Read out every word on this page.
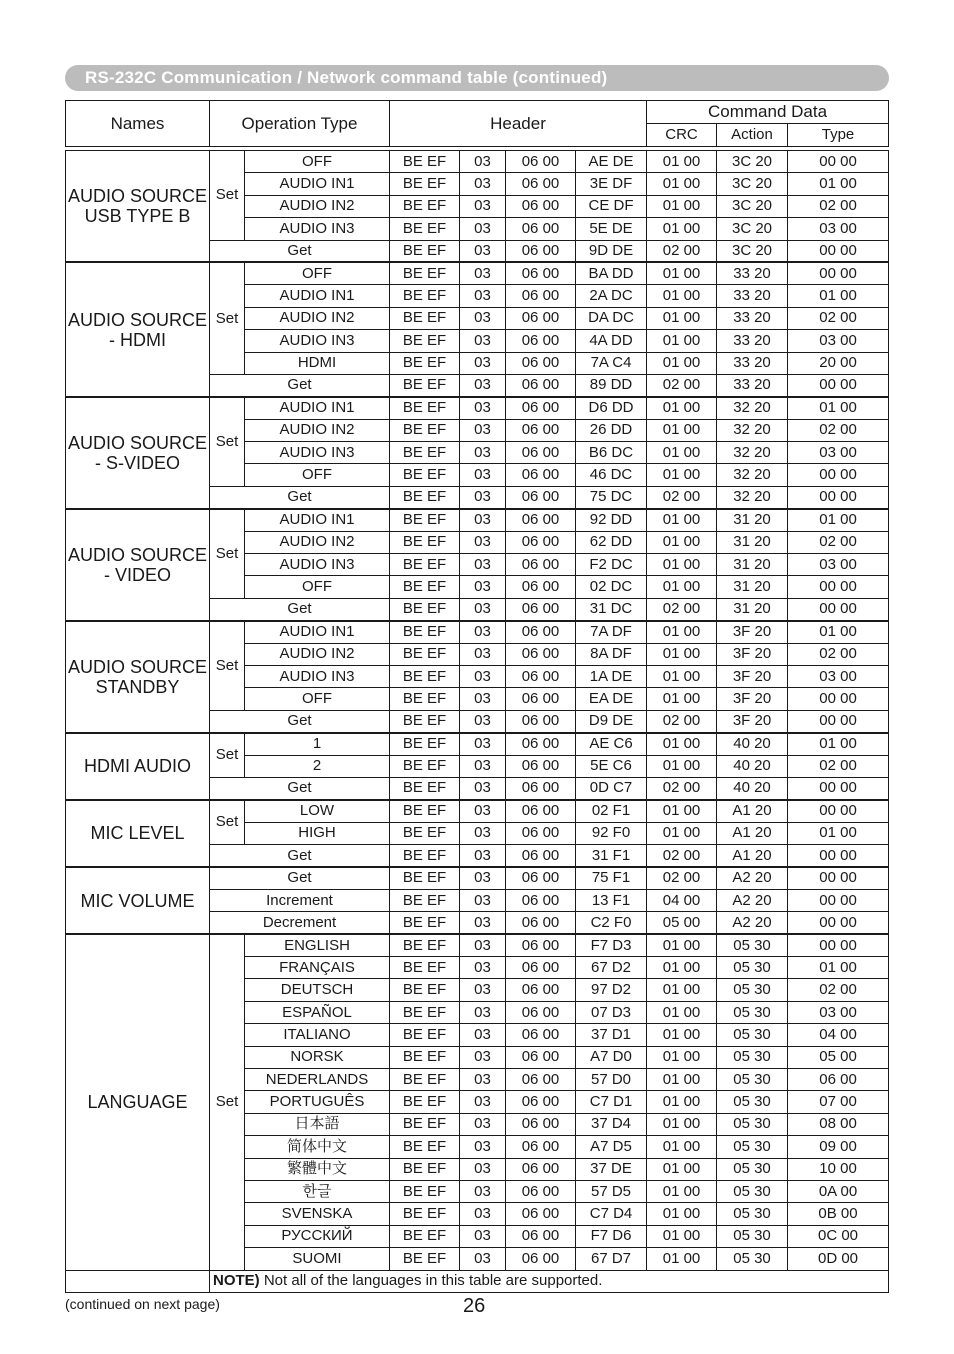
RS-232C Communication / Network command table (continued)
Names	Operation Type		Header				Command Data			
							CRC	Action	Type	

AUDIO SOURCE USB TYPE B	Set	OFF	BE EF	03	06 00	AE DE	01 00	3C 20	00 00	
		AUDIO IN1	BE EF	03	06 00	3E DF	01 00	3C 20	01 00	
		AUDIO IN2	BE EF	03	06 00	CE DF	01 00	3C 20	02 00	
		AUDIO IN3	BE EF	03	06 00	5E DE	01 00	3C 20	03 00	
	Get		BE EF	03	06 00	9D DE	02 00	3C 20	00 00	
AUDIO SOURCE - HDMI	Set	OFF	BE EF	03	06 00	BA DD	01 00	33 20	00 00	
		AUDIO IN1	BE EF	03	06 00	2A DC	01 00	33 20	01 00	
		AUDIO IN2	BE EF	03	06 00	DA DC	01 00	33 20	02 00	
		AUDIO IN3	BE EF	03	06 00	4A DD	01 00	33 20	03 00	
		HDMI	BE EF	03	06 00	7A C4	01 00	33 20	20 00	
	Get		BE EF	03	06 00	89 DD	02 00	33 20	00 00	
AUDIO SOURCE - S-VIDEO	Set	AUDIO IN1	BE EF	03	06 00	D6 DD	01 00	32 20	01 00	
		AUDIO IN2	BE EF	03	06 00	26 DD	01 00	32 20	02 00	
		AUDIO IN3	BE EF	03	06 00	B6 DC	01 00	32 20	03 00	
		OFF	BE EF	03	06 00	46 DC	01 00	32 20	00 00	
	Get		BE EF	03	06 00	75 DC	02 00	32 20	00 00	
AUDIO SOURCE - VIDEO	Set	AUDIO IN1	BE EF	03	06 00	92 DD	01 00	31 20	01 00	
		AUDIO IN2	BE EF	03	06 00	62 DD	01 00	31 20	02 00	
		AUDIO IN3	BE EF	03	06 00	F2 DC	01 00	31 20	03 00	
		OFF	BE EF	03	06 00	02 DC	01 00	31 20	00 00	
	Get		BE EF	03	06 00	31 DC	02 00	31 20	00 00	
AUDIO SOURCE STANDBY	Set	AUDIO IN1	BE EF	03	06 00	7A DF	01 00	3F 20	01 00	
		AUDIO IN2	BE EF	03	06 00	8A DF	01 00	3F 20	02 00	
		AUDIO IN3	BE EF	03	06 00	1A DE	01 00	3F 20	03 00	
		OFF	BE EF	03	06 00	EA DE	01 00	3F 20	00 00	
	Get		BE EF	03	06 00	D9 DE	02 00	3F 20	00 00	
HDMI AUDIO	Set	1	BE EF	03	06 00	AE C6	01 00	40 20	01 00	
		2	BE EF	03	06 00	5E C6	01 00	40 20	02 00	
	Get		BE EF	03	06 00	0D C7	02 00	40 20	00 00	
MIC LEVEL	Set	LOW	BE EF	03	06 00	02 F1	01 00	A1 20	00 00	
		HIGH	BE EF	03	06 00	92 F0	01 00	A1 20	01 00	
	Get		BE EF	03	06 00	31 F1	02 00	A1 20	00 00	
MIC VOLUME	Get		BE EF	03	06 00	75 F1	02 00	A2 20	00 00	
	Increment		BE EF	03	06 00	13 F1	04 00	A2 20	00 00	
	Decrement		BE EF	03	06 00	C2 F0	05 00	A2 20	00 00	
LANGUAGE	Set	ENGLISH	BE EF	03	06 00	F7 D3	01 00	05 30	00 00	
		FRANÇAIS	BE EF	03	06 00	67 D2	01 00	05 30	01 00	
		DEUTSCH	BE EF	03	06 00	97 D2	01 00	05 30	02 00	
		ESPAÑOL	BE EF	03	06 00	07 D3	01 00	05 30	03 00	
		ITALIANO	BE EF	03	06 00	37 D1	01 00	05 30	04 00	
		NORSK	BE EF	03	06 00	A7 D0	01 00	05 30	05 00	
		NEDERLANDS	BE EF	03	06 00	57 D0	01 00	05 30	06 00	
		PORTUGUÊS	BE EF	03	06 00	C7 D1	01 00	05 30	07 00	
		日本語	BE EF	03	06 00	37 D4	01 00	05 30	08 00	
		简体中文	BE EF	03	06 00	A7 D5	01 00	05 30	09 00	
		繁體中文	BE EF	03	06 00	37 DE	01 00	05 30	10 00	
		한글	BE EF	03	06 00	57 D5	01 00	05 30	0A 00	
		SVENSKA	BE EF	03	06 00	C7 D4	01 00	05 30	0B 00	
		РУССКИЙ	BE EF	03	06 00	F7 D6	01 00	05 30	0C 00	
		SUOMI	BE EF	03	06 00	67 D7	01 00	05 30	0D 00	
	NOTE) Not all of the languages in this table are supported.									
(continued on next page)	26
